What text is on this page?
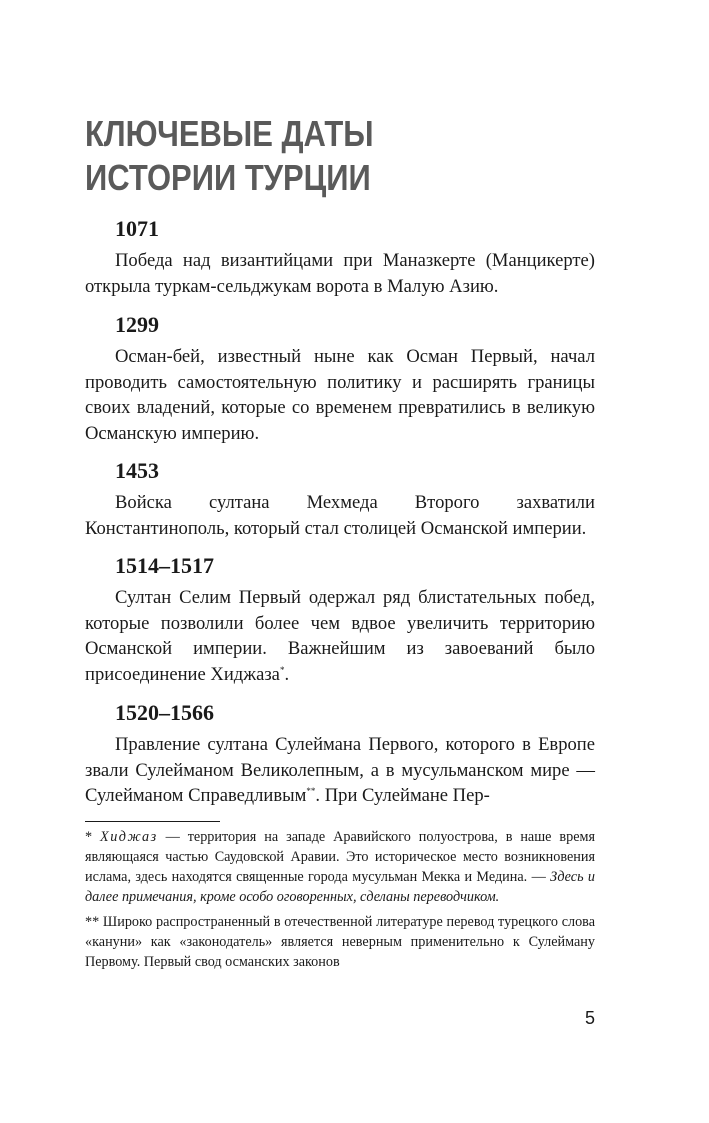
КЛЮЧЕВЫЕ ДАТЫ
ИСТОРИИ ТУРЦИИ
1071
Победа над византийцами при Маназкерте (Манцикерте) открыла туркам-сельджукам ворота в Малую Азию.
1299
Осман-бей, известный ныне как Осман Первый, начал проводить самостоятельную политику и расширять границы своих владений, которые со временем превратились в великую Османскую империю.
1453
Войска султана Мехмеда Второго захватили Константинополь, который стал столицей Османской империи.
1514–1517
Султан Селим Первый одержал ряд блистательных побед, которые позволили более чем вдвое увеличить территорию Османской империи. Важнейшим из завоеваний было присоединение Хиджаза*.
1520–1566
Правление султана Сулеймана Первого, которого в Европе звали Сулейманом Великолепным, а в мусульманском мире — Сулейманом Справедливым**. При Сулеймане Пер-
* Хиджаз — территория на западе Аравийского полуострова, в наше время являющаяся частью Саудовской Аравии. Это историческое место возникновения ислама, здесь находятся священные города мусульман Мекка и Медина. — Здесь и далее примечания, кроме особо оговоренных, сделаны переводчиком.
** Широко распространенный в отечественной литературе перевод турецкого слова «кануни» как «законодатель» является неверным применительно к Сулейману Первому. Первый свод османских законов
5
